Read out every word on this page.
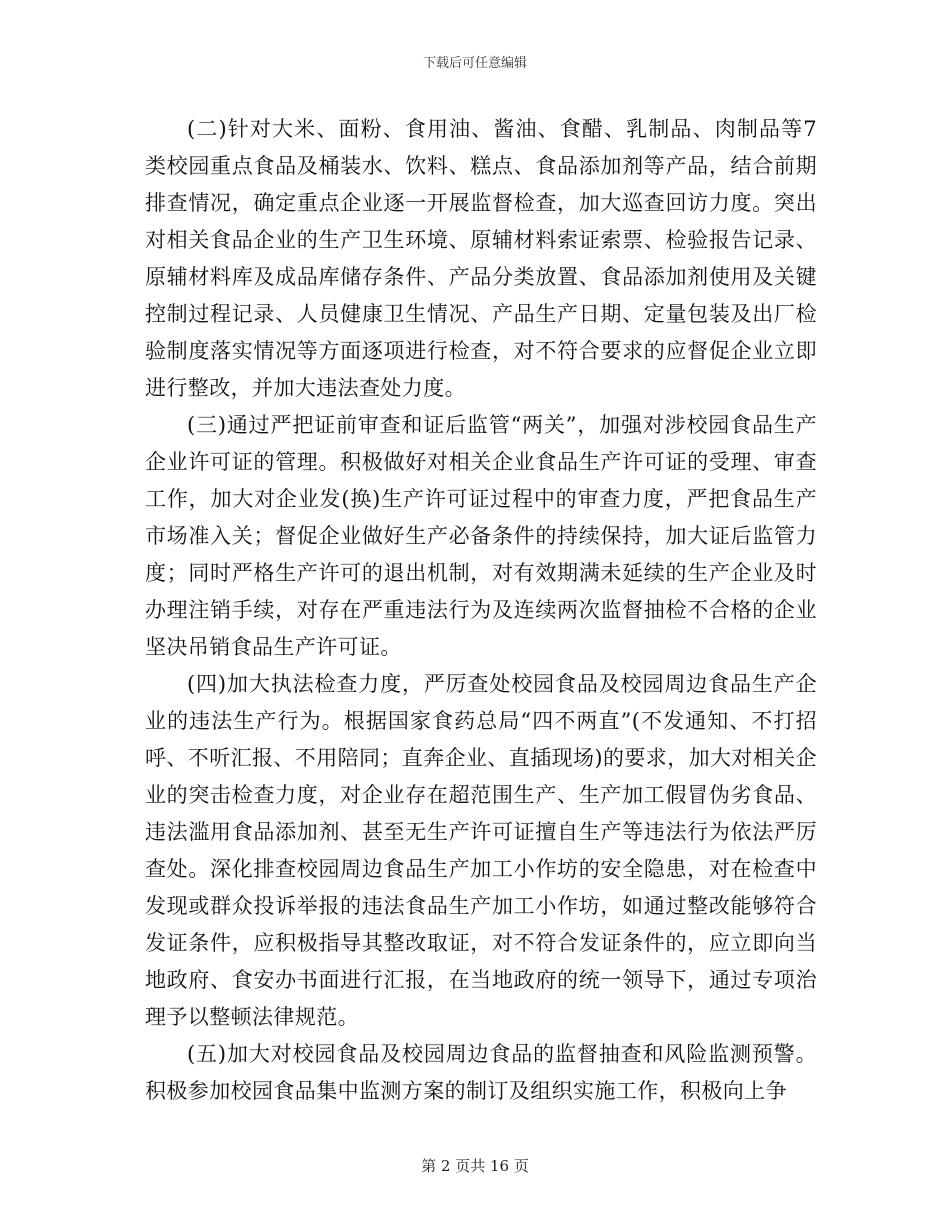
下载后可任意编辑

(二)针对大米、面粉、食用油、酱油、食醋、乳制品、肉制品等7类校园重点食品及桶装水、饮料、糕点、食品添加剂等产品，结合前期排查情况，确定重点企业逐一开展监督检查，加大巡查回访力度。突出对相关食品企业的生产卫生环境、原辅材料索证索票、检验报告记录、原辅材料库及成品库储存条件、产品分类放置、食品添加剂使用及关键控制过程记录、人员健康卫生情况、产品生产日期、定量包装及出厂检验制度落实情况等方面逐项进行检查，对不符合要求的应督促企业立即进行整改，并加大违法查处力度。

(三)通过严把证前审查和证后监管“两关”，加强对涉校园食品生产企业许可证的管理。积极做好对相关企业食品生产许可证的受理、审查工作，加大对企业发(换)生产许可证过程中的审查力度，严把食品生产市场准入关；督促企业做好生产必备条件的持续保持，加大证后监管力度；同时严格生产许可的退出机制，对有效期满未延续的生产企业及时办理注销手续，对存在严重违法行为及连续两次监督抽检不合格的企业坚决吊销食品生产许可证。

(四)加大执法检查力度，严厉查处校园食品及校园周边食品生产企业的违法生产行为。根据国家食药总局“四不两直”(不发通知、不打招呼、不听汇报、不用陪同；直奔企业、直插现场)的要求，加大对相关企业的突击检查力度，对企业存在超范围生产、生产加工假冒伪劣食品、违法滥用食品添加剂、甚至无生产许可证擅自生产等违法行为依法严厉查处。深化排查校园周边食品生产加工小作坊的安全隐患，对在检查中发现或群众投诉举报的违法食品生产加工小作坊，如通过整改能够符合发证条件，应积极指导其整改取证，对不符合发证条件的，应立即向当地政府、食安办书面进行汇报，在当地政府的统一领导下，通过专项治理予以整顿法律规范。

(五)加大对校园食品及校园周边食品的监督抽查和风险监测预警。积极参加校园食品集中监测方案的制订及组织实施工作，积极向上争

第 2 页共 16 页
